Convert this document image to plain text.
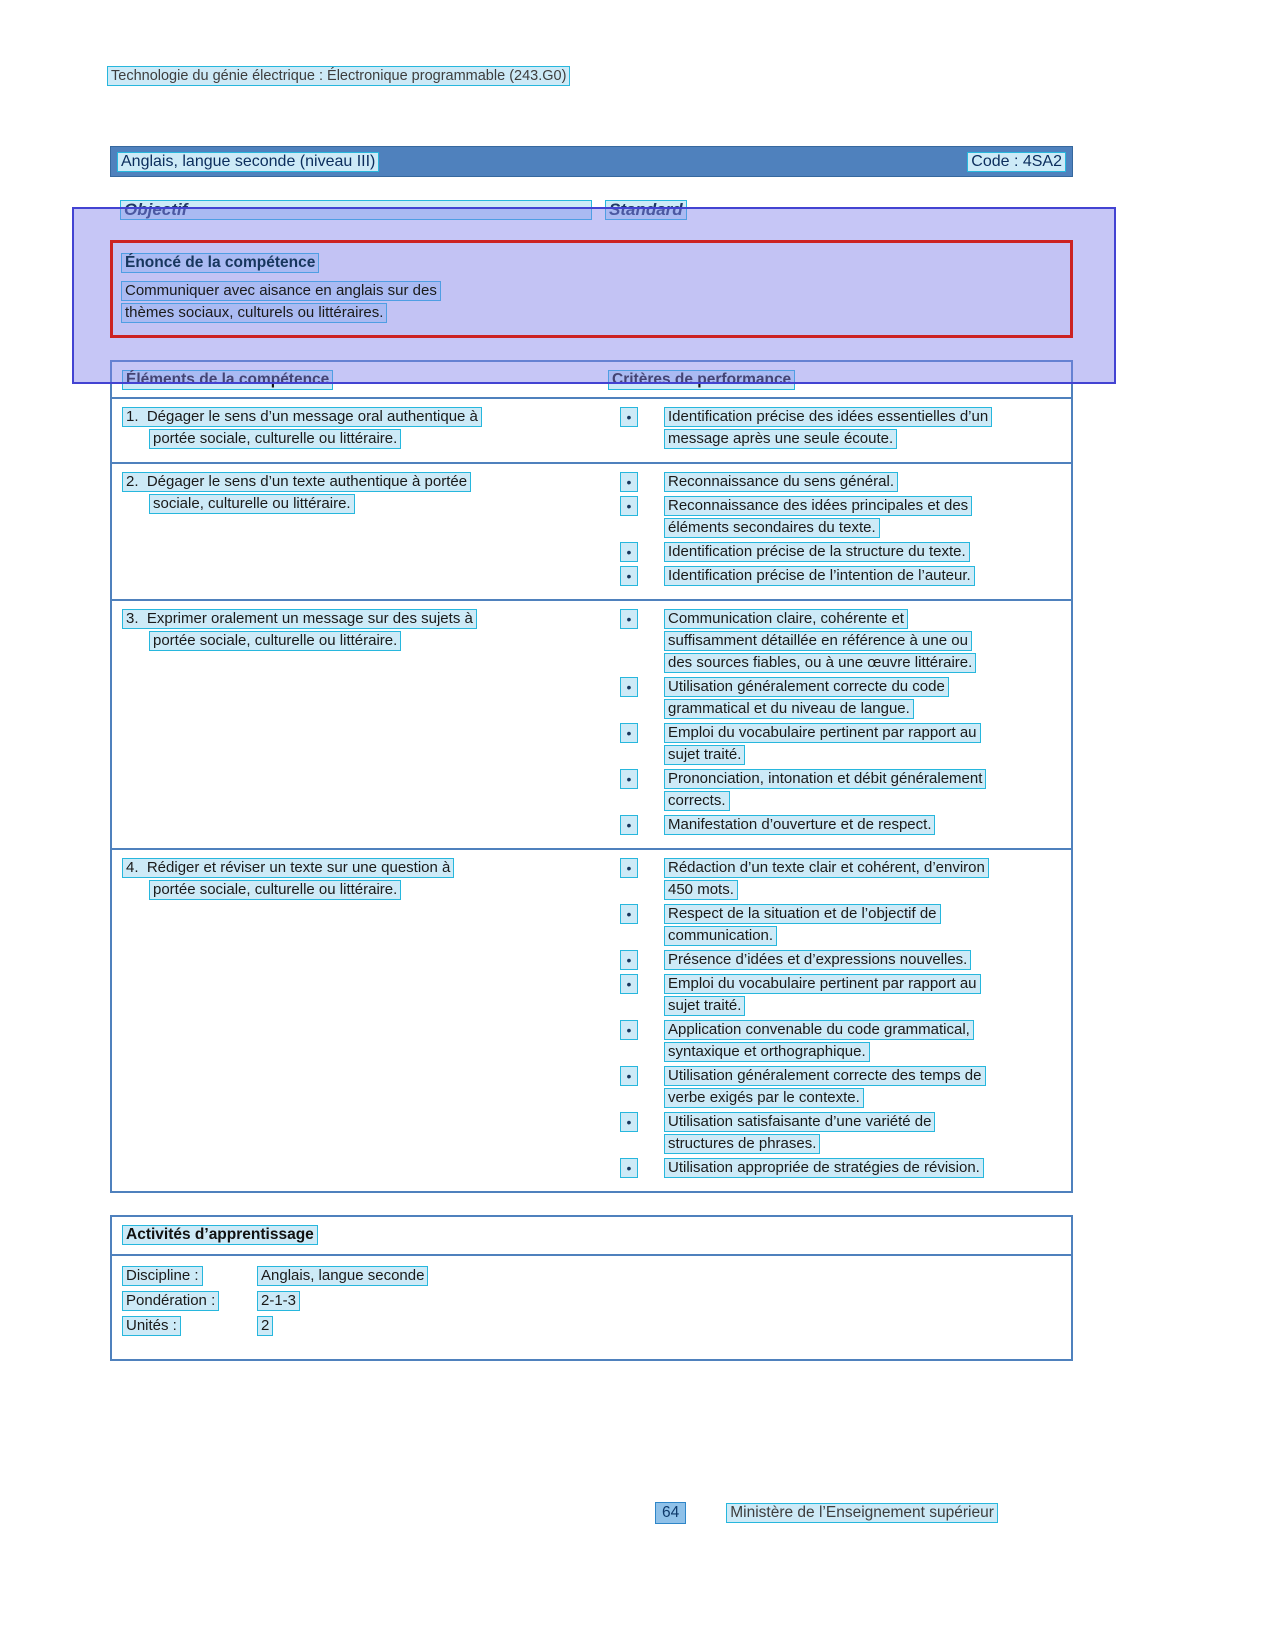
Technologie du génie électrique : Électronique programmable (243.G0)
Anglais, langue seconde (niveau III)	Code : 4SA2
Objectif	Standard
Énoncé de la compétence
Communiquer avec aisance en anglais sur des
thèmes sociaux, culturels ou littéraires.
Éléments de la compétence	Critères de performance
1.  Dégager le sens d’un message oral authentique à
portée sociale, culturelle ou littéraire.
•	Identification précise des idées essentielles d’un
message après une seule écoute.
2.  Dégager le sens d’un texte authentique à portée
sociale, culturelle ou littéraire.
•	Reconnaissance du sens général.
•	Reconnaissance des idées principales et des
éléments secondaires du texte.
•	Identification précise de la structure du texte.
•	Identification précise de l’intention de l’auteur.
3.  Exprimer oralement un message sur des sujets à
portée sociale, culturelle ou littéraire.
•	Communication claire, cohérente et
suffisamment détaillée en référence à une ou
des sources fiables, ou à une œuvre littéraire.
•	Utilisation généralement correcte du code
grammatical et du niveau de langue.
•	Emploi du vocabulaire pertinent par rapport au
sujet traité.
•	Prononciation, intonation et débit généralement
corrects.
•	Manifestation d’ouverture et de respect.
4.  Rédiger et réviser un texte sur une question à
portée sociale, culturelle ou littéraire.
•	Rédaction d’un texte clair et cohérent, d’environ
450 mots.
•	Respect de la situation et de l’objectif de
communication.
•	Présence d’idées et d’expressions nouvelles.
•	Emploi du vocabulaire pertinent par rapport au
sujet traité.
•	Application convenable du code grammatical,
syntaxique et orthographique.
•	Utilisation généralement correcte des temps de
verbe exigés par le contexte.
•	Utilisation satisfaisante d’une variété de
structures de phrases.
•	Utilisation appropriée de stratégies de révision.
Activités d’apprentissage
Discipline :	Anglais, langue seconde
Pondération :	2-1-3
Unités :	2
64	Ministère de l’Enseignement supérieur
